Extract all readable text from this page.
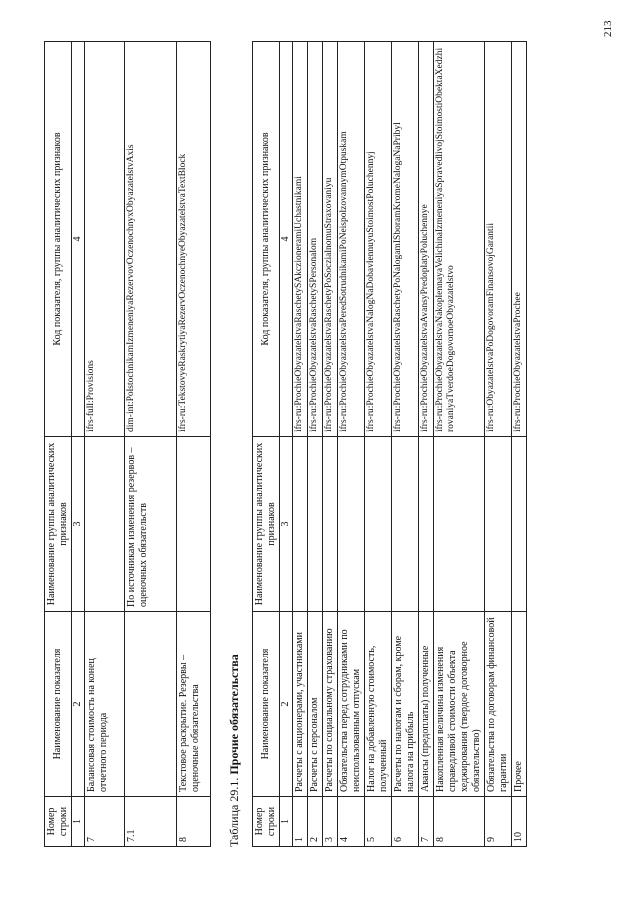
Номер строки	Наименование показателя	Наименование группы аналитических признаков	Код показателя, группы аналитических признаков
1	2	3	4
7	Балансовая стоимость на конец отчетного периода		ifrs-full:Provisions
7.1		По источникам изменения резервов – оценочных обязательств	dim-int:PolstochnikamIzmeneniyaRezervovOczenochnyxObyazatelstvAxis
8	Текстовое раскрытие. Резервы – оценочные обязательства		ifrs-ru:TekstovyeRaskrytiyaRezervOczenochnyeObyazatelstvaTextBlock
Таблица 29.1. Прочие обязательства
Номер строки	Наименование показателя	Наименование группы аналитических признаков	Код показателя, группы аналитических признаков
1	2	3	4
1	Расчеты с акционерами, участниками		ifrs-ru:ProchieObyazatelstvaRaschetySAkczioneramiUchastnikami
2	Расчеты с персоналом		ifrs-ru:ProchieObyazatelstvaRaschetySPersonalom
3	Расчеты по социальному страхованию		ifrs-ru:ProchieObyazatelstvaRaschetyPoSoczialnomuStraxovaniyu
4	Обязательства перед сотрудниками по неиспользованным отпускам		ifrs-ru:ProchieObyazatelstvaPeredSotrudnikamiPoNeispolzovannymOtpuskam
5	Налог на добавленную стоимость, полученный		ifrs-ru:ProchieObyazatelstvaNalogNaDobavlennuyuStoimostPoluchennyj
6	Расчеты по налогам и сборам, кроме налога на прибыль		ifrs-ru:ProchieObyazatelstvaRaschetyPoNalogamISboramKromeNalogaNaPribyl
7	Авансы (предоплаты) полученные		ifrs-ru:ProchieObyazatelstvaAvansyPredoplatyPoluchennye
8	Накопленная величина изменения справедливой стоимости объекта хеджирования (твердое договорное обязательство)		ifrs-ru:ProchieObyazatelstvaNakoplennayaVelichinaIzmeneniyaSpravedlivojStoimostiObektaXedzhirovaniyaTverdoeDogovornoeObyazatelstvo
9	Обязательства по договорам финансовой гарантии		ifrs-ru:ObyazatelstvaPoDogovoramFinansovojGarantii
10	Прочее		ifrs-ru:ProchieObyazatelstvaProchee
213
